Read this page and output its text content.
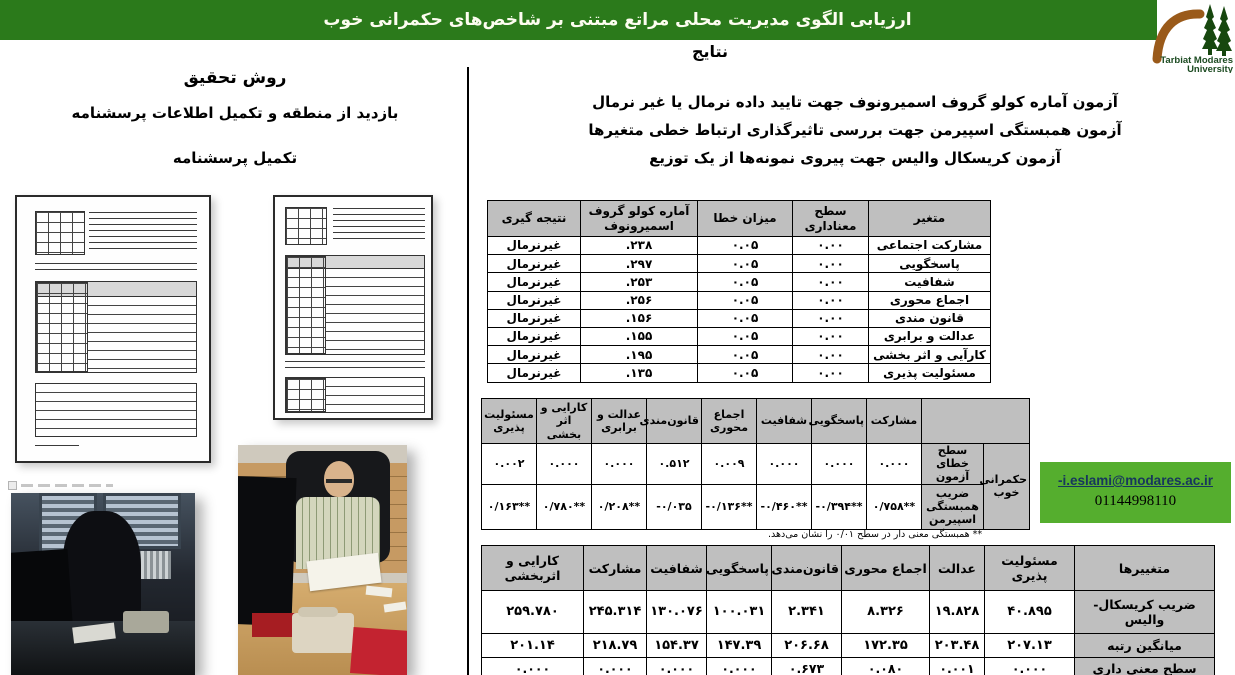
ارزیابی الگوی مدیریت محلی مراتع مبتنی بر شاخص‌های حکمرانی خوب
Tarbiat Modares
University
نتایج
روش تحقیق
بازدید از منطقه و تکمیل اطلاعات پرسشنامه
تکمیل پرسشنامه
آزمون آماره کولو گروف اسمیرونوف جهت تایید داده نرمال یا غیر نرمال
آزمون همبستگی اسپیرمن جهت بررسی تاثیرگذاری ارتباط خطی متغیرها
آزمون کریسکال والیس جهت پیروی نمونه‌ها از یک توزیع
متغیر	سطح معناداری	میزان خطا	آماره کولو گروف اسمیرونوف	نتیجه گیری
مشارکت اجتماعی	۰.۰۰	۰.۰۵	.۲۳۸	غیرنرمال
پاسخگویی	۰.۰۰	۰.۰۵	.۲۹۷	غیرنرمال
شفافیت	۰.۰۰	۰.۰۵	.۲۵۳	غیرنرمال
اجماع محوری	۰.۰۰	۰.۰۵	.۲۵۶	غیرنرمال
قانون مندی	۰.۰۰	۰.۰۵	.۱۵۶	غیرنرمال
عدالت و برابری	۰.۰۰	۰.۰۵	.۱۵۵	غیرنرمال
کارآیی و اثر بخشی	۰.۰۰	۰.۰۵	.۱۹۵	غیرنرمال
مسئولیت پذیری	۰.۰۰	۰.۰۵	.۱۳۵	غیرنرمال
		مشارکت	پاسخگویی	شفافیت	اجماع محوری	قانون‌مندی	عدالت و برابری	کارایی و اثر بخشی	مسئولیت پذیری
حکمرانی خوب	سطح خطای آزمون	۰.۰۰۰	۰.۰۰۰	۰.۰۰۰	۰.۰۰۹	۰.۵۱۲	۰.۰۰۰	۰.۰۰۰	۰.۰۰۲
	ضریب همبستگی اسپیرمن	۰/۷۵۸**	-۰/۳۹۴**	-۰/۴۶۰**	-۰/۱۳۶**	-۰/۰۳۵	۰/۲۰۸**	۰/۷۸۰**	۰/۱۶۳**
** همبستگی معنی دار در سطح ۰/۰۱ را نشان می‌دهد.
-i.eslami@modares.ac.ir
01144998110
متغییرها	مسئولیت پذیری	عدالت	اجماع محوری	قانون‌مندی	پاسخگویی	شفافیت	مشارکت	کارایی و اثربخشی
ضریب کریسکال- والیس	۴۰.۸۹۵	۱۹.۸۲۸	۸.۳۲۶	۲.۳۴۱	۱۰۰.۰۳۱	۱۳۰.۰۷۶	۲۴۵.۳۱۴	۲۵۹.۷۸۰
میانگین رتبه	۲۰۷.۱۳	۲۰۳.۴۸	۱۷۲.۳۵	۲۰۶.۶۸	۱۴۷.۳۹	۱۵۴.۳۷	۲۱۸.۷۹	۲۰۱.۱۴
سطح معنی داری	۰.۰۰۰	۰.۰۰۱	۰.۰۸۰	۰.۶۷۳	۰.۰۰۰	۰.۰۰۰	۰.۰۰۰	۰.۰۰۰
